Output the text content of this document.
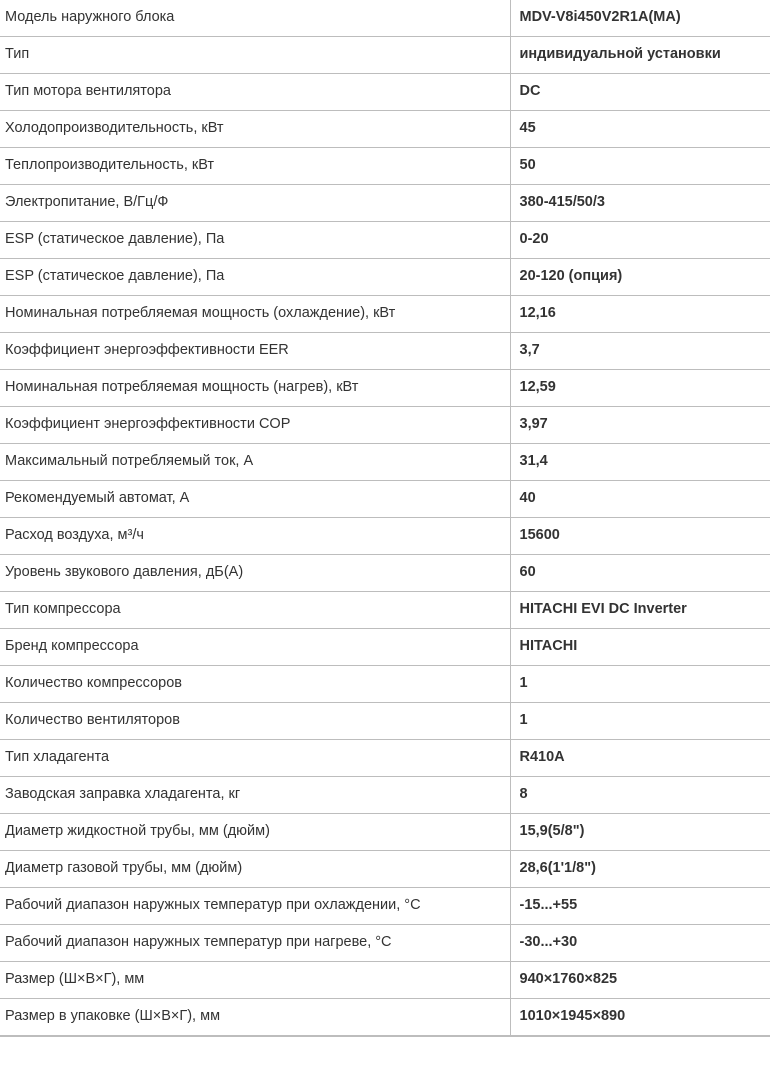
Модель наружного блока	MDV-V8i450V2R1A(MA)
Тип	индивидуальной установки
Тип мотора вентилятора	DC
Холодопроизводительность, кВт	45
Теплопроизводительность, кВт	50
Электропитание, В/Гц/Ф	380-415/50/3
ESP (статическое давление), Па	0-20
ESP (статическое давление), Па	20-120 (опция)
Номинальная потребляемая мощность (охлаждение), кВт	12,16
Коэффициент энергоэффективности EER	3,7
Номинальная потребляемая мощность (нагрев), кВт	12,59
Коэффициент энергоэффективности COP	3,97
Максимальный потребляемый ток, А	31,4
Рекомендуемый автомат, А	40
Расход воздуха, м³/ч	15600
Уровень звукового давления, дБ(А)	60
Тип компрессора	HITACHI EVI DC Inverter
Бренд компрессора	HITACHI
Количество компрессоров	1
Количество вентиляторов	1
Тип хладагента	R410A
Заводская заправка хладагента, кг	8
Диаметр жидкостной трубы, мм (дюйм)	15,9(5/8")
Диаметр газовой трубы, мм (дюйм)	28,6(1'1/8")
Рабочий диапазон наружных температур при охлаждении, °C	-15...+55
Рабочий диапазон наружных температур при нагреве, °C	-30...+30
Размер (Ш×В×Г), мм	940×1760×825
Размер в упаковке (Ш×В×Г), мм	1010×1945×890
